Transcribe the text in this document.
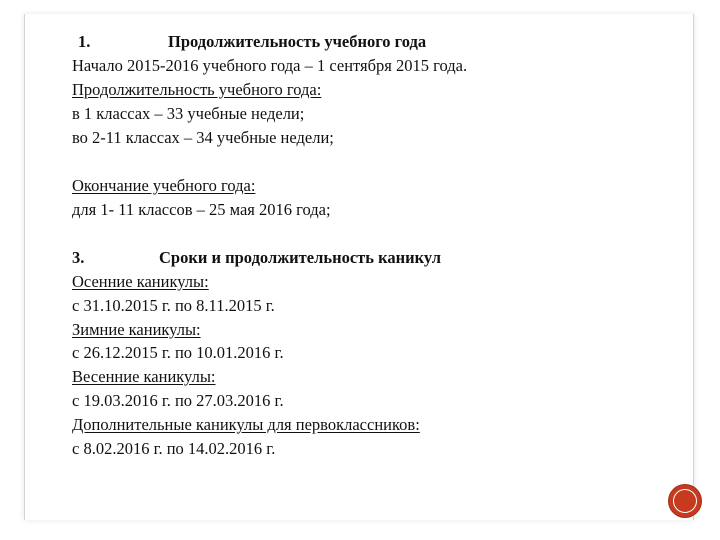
1.	Продолжительность учебного года
Начало 2015-2016 учебного года – 1 сентября 2015 года.
Продолжительность учебного года:
в 1 классах – 33 учебные недели;
во 2-11 классах – 34 учебные недели;
Окончание учебного года:
для 1- 11 классов – 25 мая 2016 года;
3.	Сроки и продолжительность каникул
Осенние каникулы:
с 31.10.2015 г. по 8.11.2015 г.
Зимние каникулы:
с 26.12.2015 г. по 10.01.2016 г.
Весенние каникулы:
с 19.03.2016 г. по 27.03.2016 г.
Дополнительные каникулы для первоклассников:
с 8.02.2016 г. по 14.02.2016 г.
